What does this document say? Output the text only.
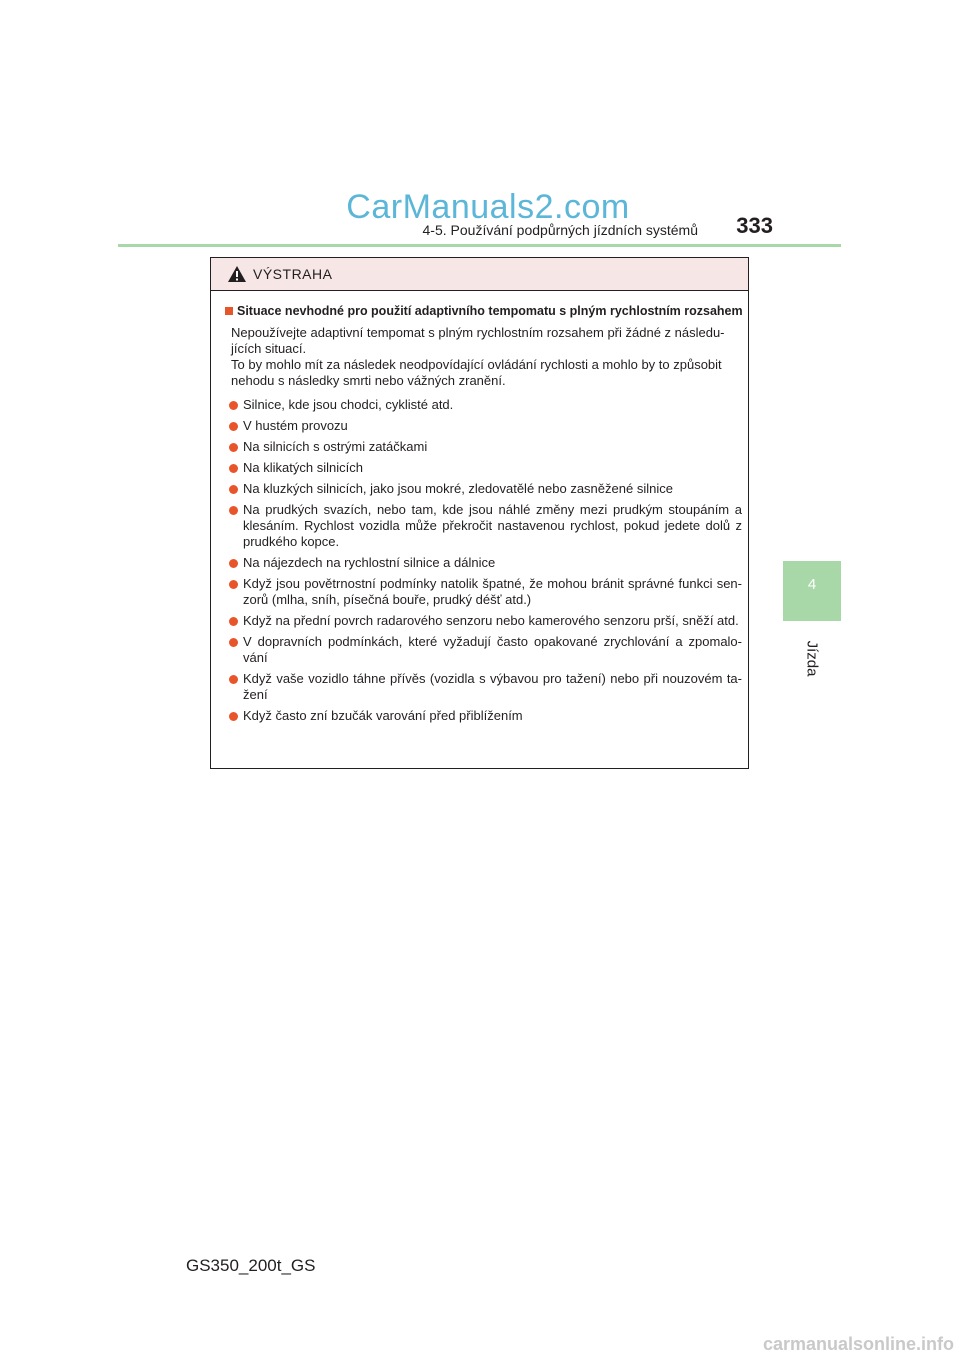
CarManuals2.com
4-5. Používání podpůrných jízdních systémů 333
4
Jízda
VÝSTRAHA
Situace nevhodné pro použití adaptivního tempomatu s plným rychlostním rozsahem
Nepoužívejte adaptivní tempomat s plným rychlostním rozsahem při žádné z následu-
jících situací.
To by mohlo mít za následek neodpovídající ovládání rychlosti a mohlo by to způsobit
nehodu s následky smrti nebo vážných zranění.
Silnice, kde jsou chodci, cyklisté atd.
V hustém provozu
Na silnicích s ostrými zatáčkami
Na klikatých silnicích
Na kluzkých silnicích, jako jsou mokré, zledovatělé nebo zasněžené silnice
Na prudkých svazích, nebo tam, kde jsou náhlé změny mezi prudkým stoupáním a klesáním. Rychlost vozidla může překročit nastavenou rychlost, pokud jedete dolů z prudkého kopce.
Na nájezdech na rychlostní silnice a dálnice
Když jsou povětrnostní podmínky natolik špatné, že mohou bránit správné funkci sen-zorů (mlha, sníh, písečná bouře, prudký déšť atd.)
Když na přední povrch radarového senzoru nebo kamerového senzoru prší, sněží atd.
V dopravních podmínkách, které vyžadují často opakované zrychlování a zpomalo-vání
Když vaše vozidlo táhne přívěs (vozidla s výbavou pro tažení) nebo při nouzovém ta-žení
Když často zní bzučák varování před přiblížením
GS350_200t_GS
carmanualsonline.info
